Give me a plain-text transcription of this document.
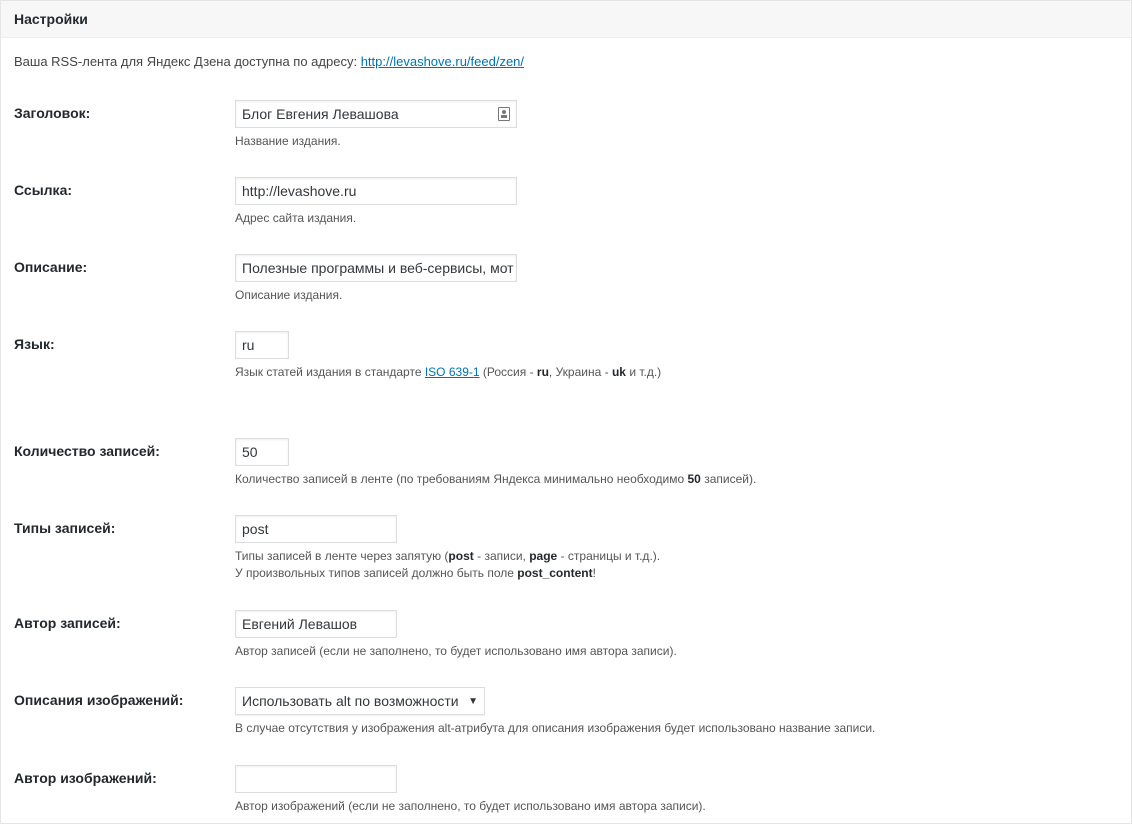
Настройки
Ваша RSS-лента для Яндекс Дзена доступна по адресу: http://levashove.ru/feed/zen/
Заголовок:	Блог Евгения Левашова
Название издания.
Ссылка:	http://levashove.ru
Адрес сайта издания.
Описание:	Полезные программы и веб-сервисы, мот
Описание издания.
Язык:	ru
Язык статей издания в стандарте ISO 639-1 (Россия - ru, Украина - uk и т.д.)
Количество записей:	50
Количество записей в ленте (по требованиям Яндекса минимально необходимо 50 записей).
Типы записей:	post
Типы записей в ленте через запятую (post - записи, page - страницы и т.д.).
У произвольных типов записей должно быть поле post_content!
Автор записей:	Евгений Левашов
Автор записей (если не заполнено, то будет использовано имя автора записи).
Описания изображений:	Использовать alt по возможности ▼
В случае отсутствия у изображения alt-атрибута для описания изображения будет использовано название записи.
Автор изображений:
Автор изображений (если не заполнено, то будет использовано имя автора записи).
